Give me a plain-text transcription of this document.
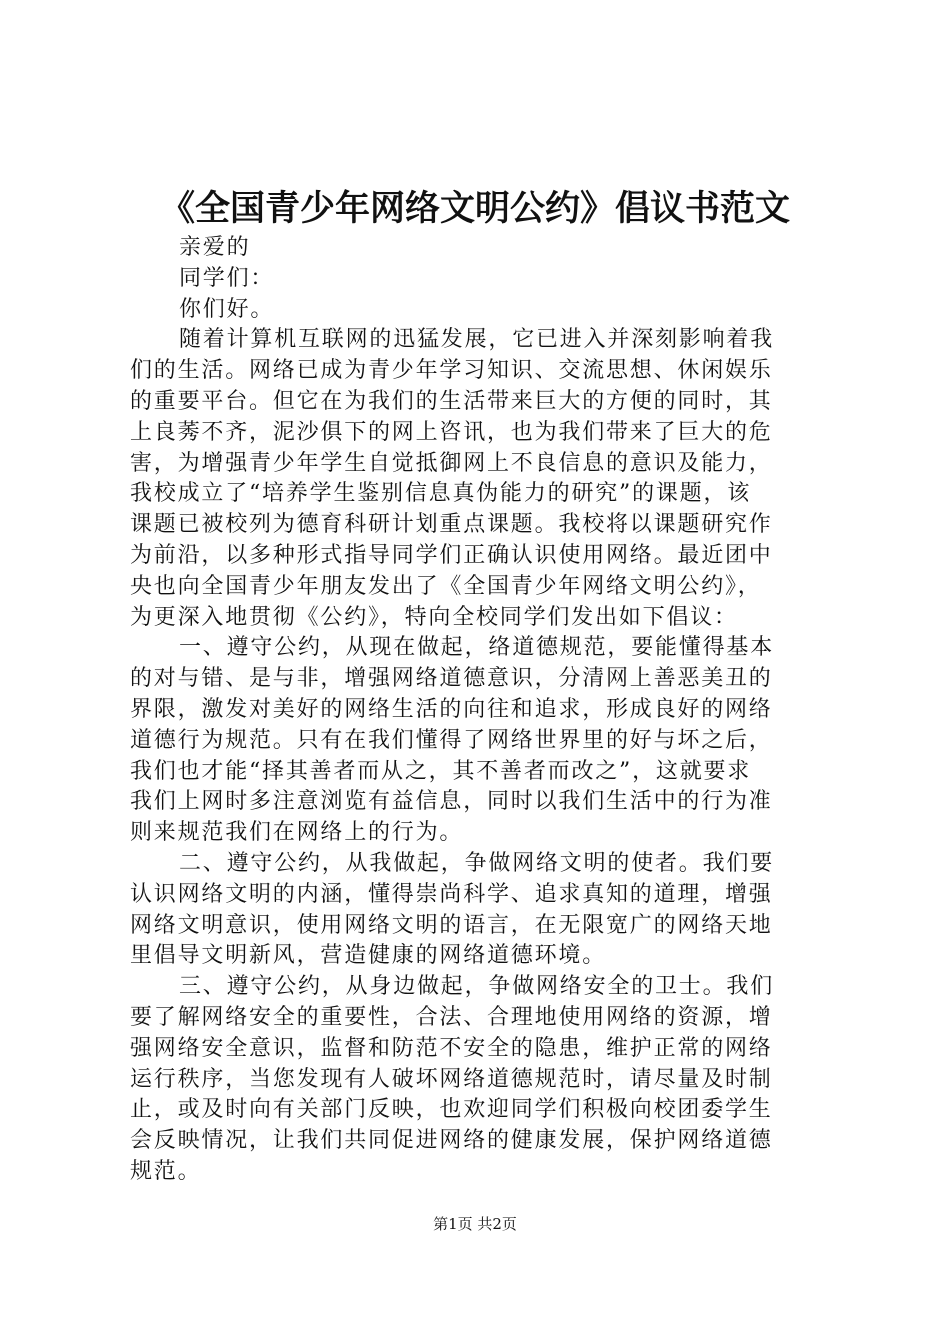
《全国青少年网络文明公约》倡议书范文
亲爱的
同学们：
你们好。
随着计算机互联网的迅猛发展，它已进入并深刻影响着我
们的生活。网络已成为青少年学习知识、交流思想、休闲娱乐
的重要平台。但它在为我们的生活带来巨大的方便的同时，其
上良莠不齐，泥沙俱下的网上咨讯，也为我们带来了巨大的危
害，为增强青少年学生自觉抵御网上不良信息的意识及能力，
我校成立了“培养学生鉴别信息真伪能力的研究”的课题，该
课题已被校列为德育科研计划重点课题。我校将以课题研究作
为前沿，以多种形式指导同学们正确认识使用网络。最近团中
央也向全国青少年朋友发出了《全国青少年网络文明公约》，
为更深入地贯彻《公约》，特向全校同学们发出如下倡议：
一、遵守公约，从现在做起，络道德规范，要能懂得基本
的对与错、是与非，增强网络道德意识，分清网上善恶美丑的
界限，激发对美好的网络生活的向往和追求，形成良好的网络
道德行为规范。只有在我们懂得了网络世界里的好与坏之后，
我们也才能“择其善者而从之，其不善者而改之”，这就要求
我们上网时多注意浏览有益信息，同时以我们生活中的行为准
则来规范我们在网络上的行为。
二、遵守公约，从我做起，争做网络文明的使者。我们要
认识网络文明的内涵，懂得崇尚科学、追求真知的道理，增强
网络文明意识，使用网络文明的语言，在无限宽广的网络天地
里倡导文明新风，营造健康的网络道德环境。
三、遵守公约，从身边做起，争做网络安全的卫士。我们
要了解网络安全的重要性，合法、合理地使用网络的资源，增
强网络安全意识，监督和防范不安全的隐患，维护正常的网络
运行秩序，当您发现有人破坏网络道德规范时，请尽量及时制
止，或及时向有关部门反映，也欢迎同学们积极向校团委学生
会反映情况，让我们共同促进网络的健康发展，保护网络道德
规范。
第1页 共2页
